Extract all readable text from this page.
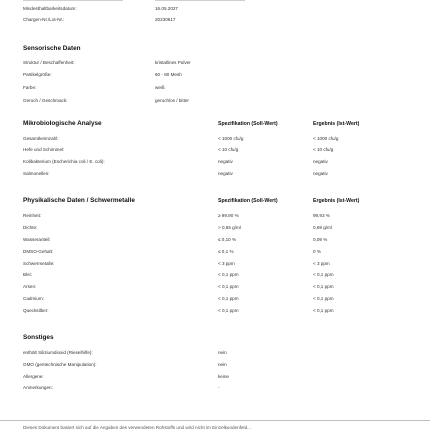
Mindesthaltbarkeitsdatum:	16.05.2027
Chargen-Nr./Lot-Nr.:	20230617
Sensorische Daten
Struktur / Beschaffenheit:	kristallines Pulver
Partikelgröße:	60 - 80 Mesh
Farbe:	weiß
Geruch / Geschmack:	geruchlos / bitter
Mikrobiologische Analyse	Spezifikation (Soll-Wert)	Ergebnis (Ist-Wert)
Gesamtkeimzahl:	< 1000 cfu/g	< 1000 cfu/g
Hefe und Schimmel:	< 10 cfu/g	< 10 cfu/g
Kolibakterium (Escherichia coli / E. coli):	negativ	negativ
Salmonellen:	negativ	negativ
Physikalische Daten / Schwermetalle	Spezifikation (Soll-Wert)	Ergebnis (Ist-Wert)
Reinheit:	≥ 99,90 %	99,93 %
Dichte:	> 0,65 g/ml	0,69 g/ml
Wasseranteil:	≤ 0,10 %	0,09 %
DMSO-Gehalt:	≤ 0,1 %	0 %
Schwermetalle:	< 3 ppm	< 3 ppm
Blei:	< 0,1 ppm	< 0,1 ppm
Arsen:	< 0,1 ppm	< 0,1 ppm
Cadmium:	< 0,1 ppm	< 0,1 ppm
Quecksilber:	< 0,1 ppm	< 0,1 ppm
Sonstiges
enthält Siliziumdioxid (Rieselhilfe):	nein
GMO (gentechnische Manipulation):	nein
Allergene:	keine
Anmerkungen:	-
Dieses Dokument basiert sich auf die Angaben des verwendeten Rohstoffs und wird nicht im Einzelkundenfeld...
